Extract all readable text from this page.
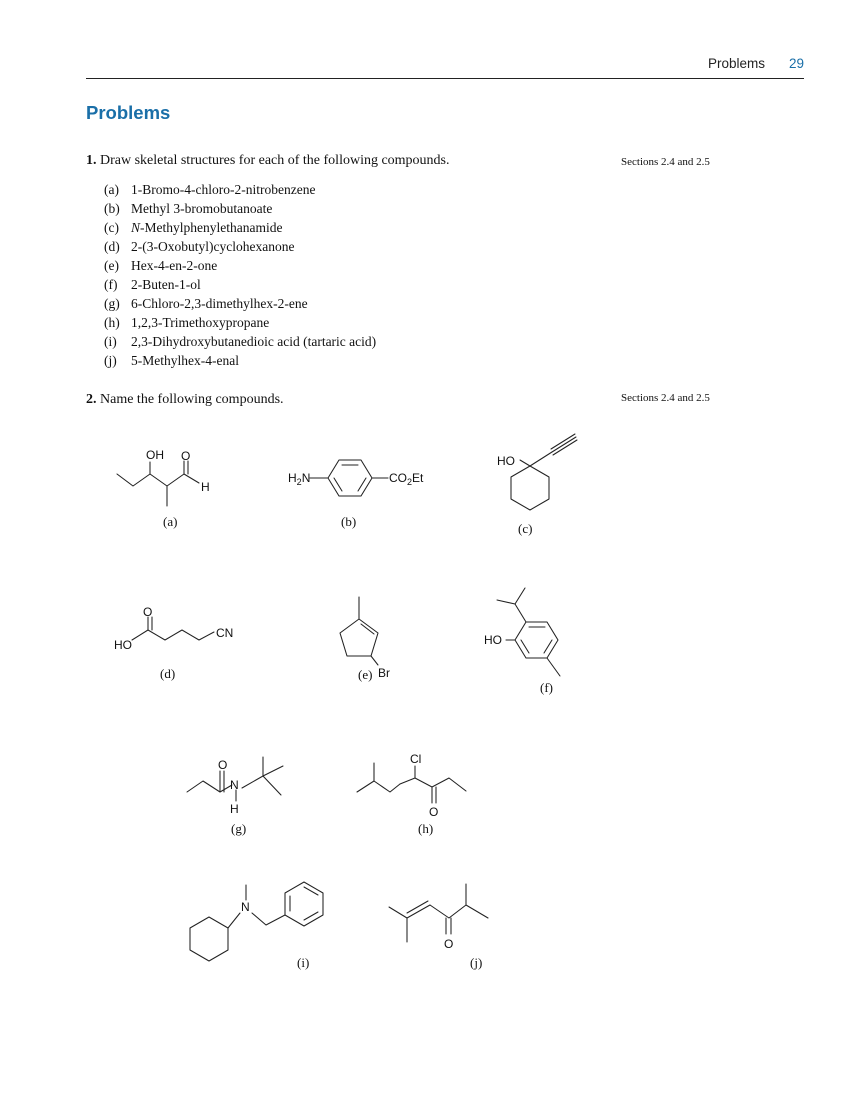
Problems 29
Problems
1. Draw skeletal structures for each of the following compounds.	Sections 2.4 and 2.5
(a) 1-Bromo-4-chloro-2-nitrobenzene
(b) Methyl 3-bromobutanoate
(c) N-Methylphenylethanamide
(d) 2-(3-Oxobutyl)cyclohexanone
(e) Hex-4-en-2-one
(f) 2-Buten-1-ol
(g) 6-Chloro-2,3-dimethylhex-2-ene
(h) 1,2,3-Trimethoxypropane
(i) 2,3-Dihydroxybutanedioic acid (tartaric acid)
(j) 5-Methylhex-4-enal
2. Name the following compounds.	Sections 2.4 and 2.5
OH O
H
(a)
$H_2N$	$CO_2Et$
(b)
HO
(c)
O
HO
CN
(d)	Br
(e)
HO
(f)
O
N
H
(g)
Cl
O
(h)
N
(i)
O
(j)
